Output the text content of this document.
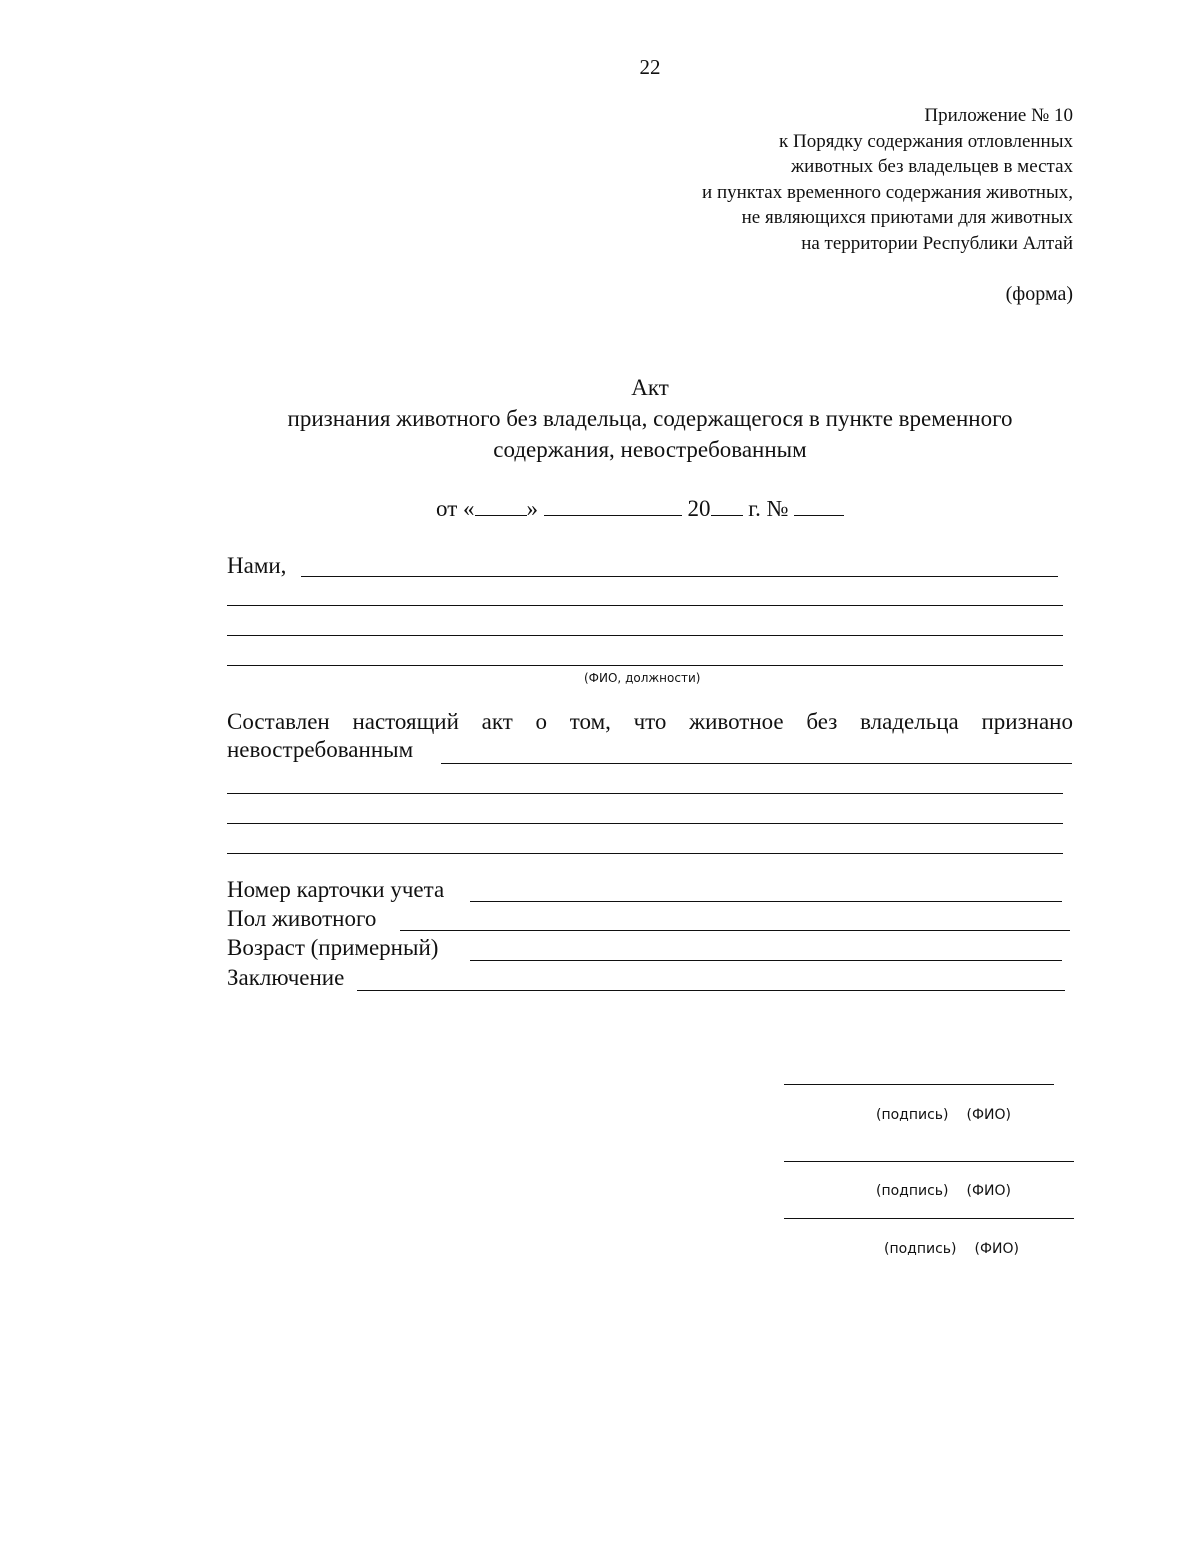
22
Приложение № 10
к Порядку содержания отловленных
животных без владельцев в местах
и пунктах временного содержания животных,
не являющихся приютами для животных
на территории Республики Алтай
(форма)
Акт
признания животного без владельца, содержащегося в пункте временного
содержания, невостребованным
от « »	20 г. №
Нами,
(ФИО, должности)
Составлен настоящий акт о том, что животное без владельца признано
невостребованным
Номер карточки учета
Пол животного
Возраст (примерный)
Заключение
(подпись) (ФИО)
(подпись) (ФИО)
(подпись) (ФИО)
